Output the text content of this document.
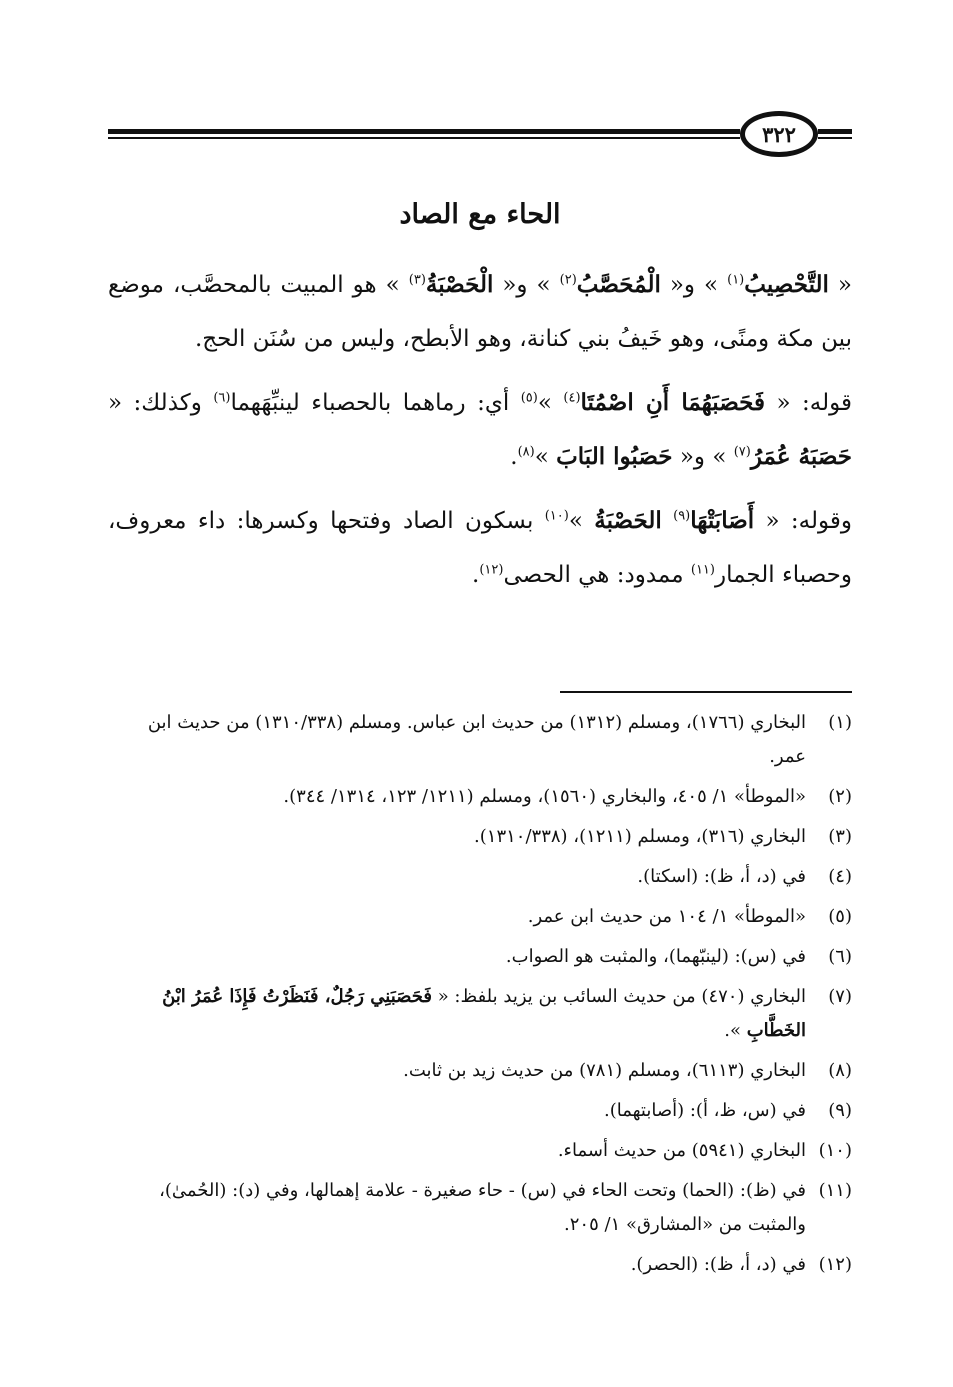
٣٢٢
الحاء مع الصاد

« التَّحْصِيبُ$^{(١)}$ » و« الْمُحَصَّبُ$^{(٢)}$ » و« الْحَصْبَةُ$^{(٣)}$ » هو المبيت بالمحصَّب، موضع بين مكة ومنًى، وهو خَيفُ بني كنانة، وهو الأبطح، وليس من سُنَن الحج.

قوله: « فَحَصَبَهُمَا أَنِ اصْمُتَا$^{(٤)}$ »$^{(٥)}$ أي: رماهما بالحصباء لينبِّهَهما$^{(٦)}$ وكذلك: « حَصَبَهُ عُمَرُ$^{(٧)}$ » و« حَصَبُوا البَابَ »$^{(٨)}$.

وقوله: « أَصَابَتْهَا$^{(٩)}$ الحَصْبَةُ »$^{(١٠)}$ بسكون الصاد وفتحها وكسرها: داء معروف، وحصباء الجمار$^{(١١)}$ ممدود: هي الحصى$^{(١٢)}$.

(١)
البخاري (١٧٦٦)، ومسلم (١٣١٢) من حديث ابن عباس. ومسلم (١٣١٠/٣٣٨) من حديث ابن عمر.
(٢)
«الموطأ» ١/ ٤٠٥، والبخاري (١٥٦٠)، ومسلم (١٢١١/ ١٢٣، ١٣١٤/ ٣٤٤).
(٣)
البخاري (٣١٦)، ومسلم (١٢١١)، (١٣١٠/٣٣٨).
(٤)
في (د، أ، ظ): (اسكتا).
(٥)
«الموطأ» ١/ ١٠٤ من حديث ابن عمر.
(٦)
في (س): (لينبّهما)، والمثبت هو الصواب.
(٧)
البخاري (٤٧٠) من حديث السائب بن يزيد بلفظ: « فَحَصَبَنِي رَجُلٌ، فَنَظَرْتُ فَإِذَا عُمَرُ ابْنُ الخَطَّابِ ».
(٨)
البخاري (٦١١٣)، ومسلم (٧٨١) من حديث زيد بن ثابت.
(٩)
في (س، ظ، أ): (أصابتهما).
(١٠)
البخاري (٥٩٤١) من حديث أسماء.
(١١)
في (ظ): (الحما) وتحت الحاء في (س) - حاء صغيرة - علامة إهمالها، وفي (د): (الحُمىٰ)، والمثبت من «المشارق» ١/ ٢٠٥.
(١٢)
في (د، أ، ظ): (الحصر).
